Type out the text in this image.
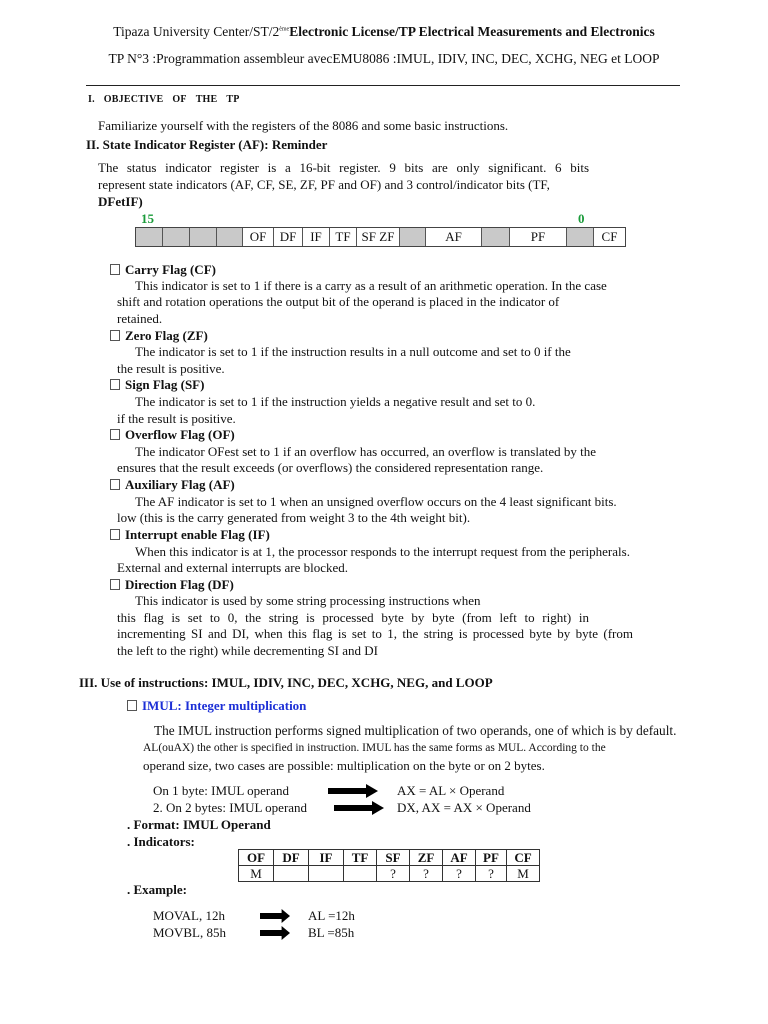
Tipaza University Center/ST/2èmeElectronic License/TP Electrical Measurements and Electronics
TP N°3 :Programmation assembleur avecEMU8086 :IMUL, IDIV, INC, DEC, XCHG, NEG et LOOP
I. OBJECTIVE OF THE TP
Familiarize yourself with the registers of the 8086 and some basic instructions.
II. State Indicator Register (AF): Reminder
The status indicator register is a 16-bit register. 9 bits are only significant. 6 bits
represent state indicators (AF, CF, SE, ZF, PF and OF) and 3 control/indicator bits (TF,
DFetIF)
15	0
OF	DF	IF	TF SF ZF	AF	PF	CF
Carry Flag (CF)
This indicator is set to 1 if there is a carry as a result of an arithmetic operation. In the case
shift and rotation operations the output bit of the operand is placed in the indicator of
retained.
Zero Flag (ZF)
The indicator is set to 1 if the instruction results in a null outcome and set to 0 if the
the result is positive.
Sign Flag (SF)
The indicator is set to 1 if the instruction yields a negative result and set to 0.
if the result is positive.
Overflow Flag (OF)
The indicator OFest set to 1 if an overflow has occurred, an overflow is translated by the
ensures that the result exceeds (or overflows) the considered representation range.
Auxiliary Flag (AF)
The AF indicator is set to 1 when an unsigned overflow occurs on the 4 least significant bits.
low (this is the carry generated from weight 3 to the 4th weight bit).
Interrupt enable Flag (IF)
When this indicator is at 1, the processor responds to the interrupt request from the peripherals.
External and external interrupts are blocked.
Direction Flag (DF)
This indicator is used by some string processing instructions when
this flag is set to 0, the string is processed byte by byte (from left to right) in
incrementing SI and DI, when this flag is set to 1, the string is processed byte by byte (from
the left to the right) while decrementing SI and DI
III. Use of instructions: IMUL, IDIV, INC, DEC, XCHG, NEG, and LOOP
IMUL: Integer multiplication
The IMUL instruction performs signed multiplication of two operands, one of which is by default.
AL(ouAX) the other is specified in instruction. IMUL has the same forms as MUL. According to the
operand size, two cases are possible: multiplication on the byte or on 2 bytes.
On 1 byte: IMUL operand	AX = AL × Operand
2. On 2 bytes: IMUL operand	DX, AX = AX × Operand
. Format: IMUL Operand
. Indicators:
OF	DF	IF	TF	SF	ZF	AF	PF	CF
M				?	?	?	?	M
. Example:
MOVAL, 12h	AL =12h
MOVBL, 85h	BL =85h
